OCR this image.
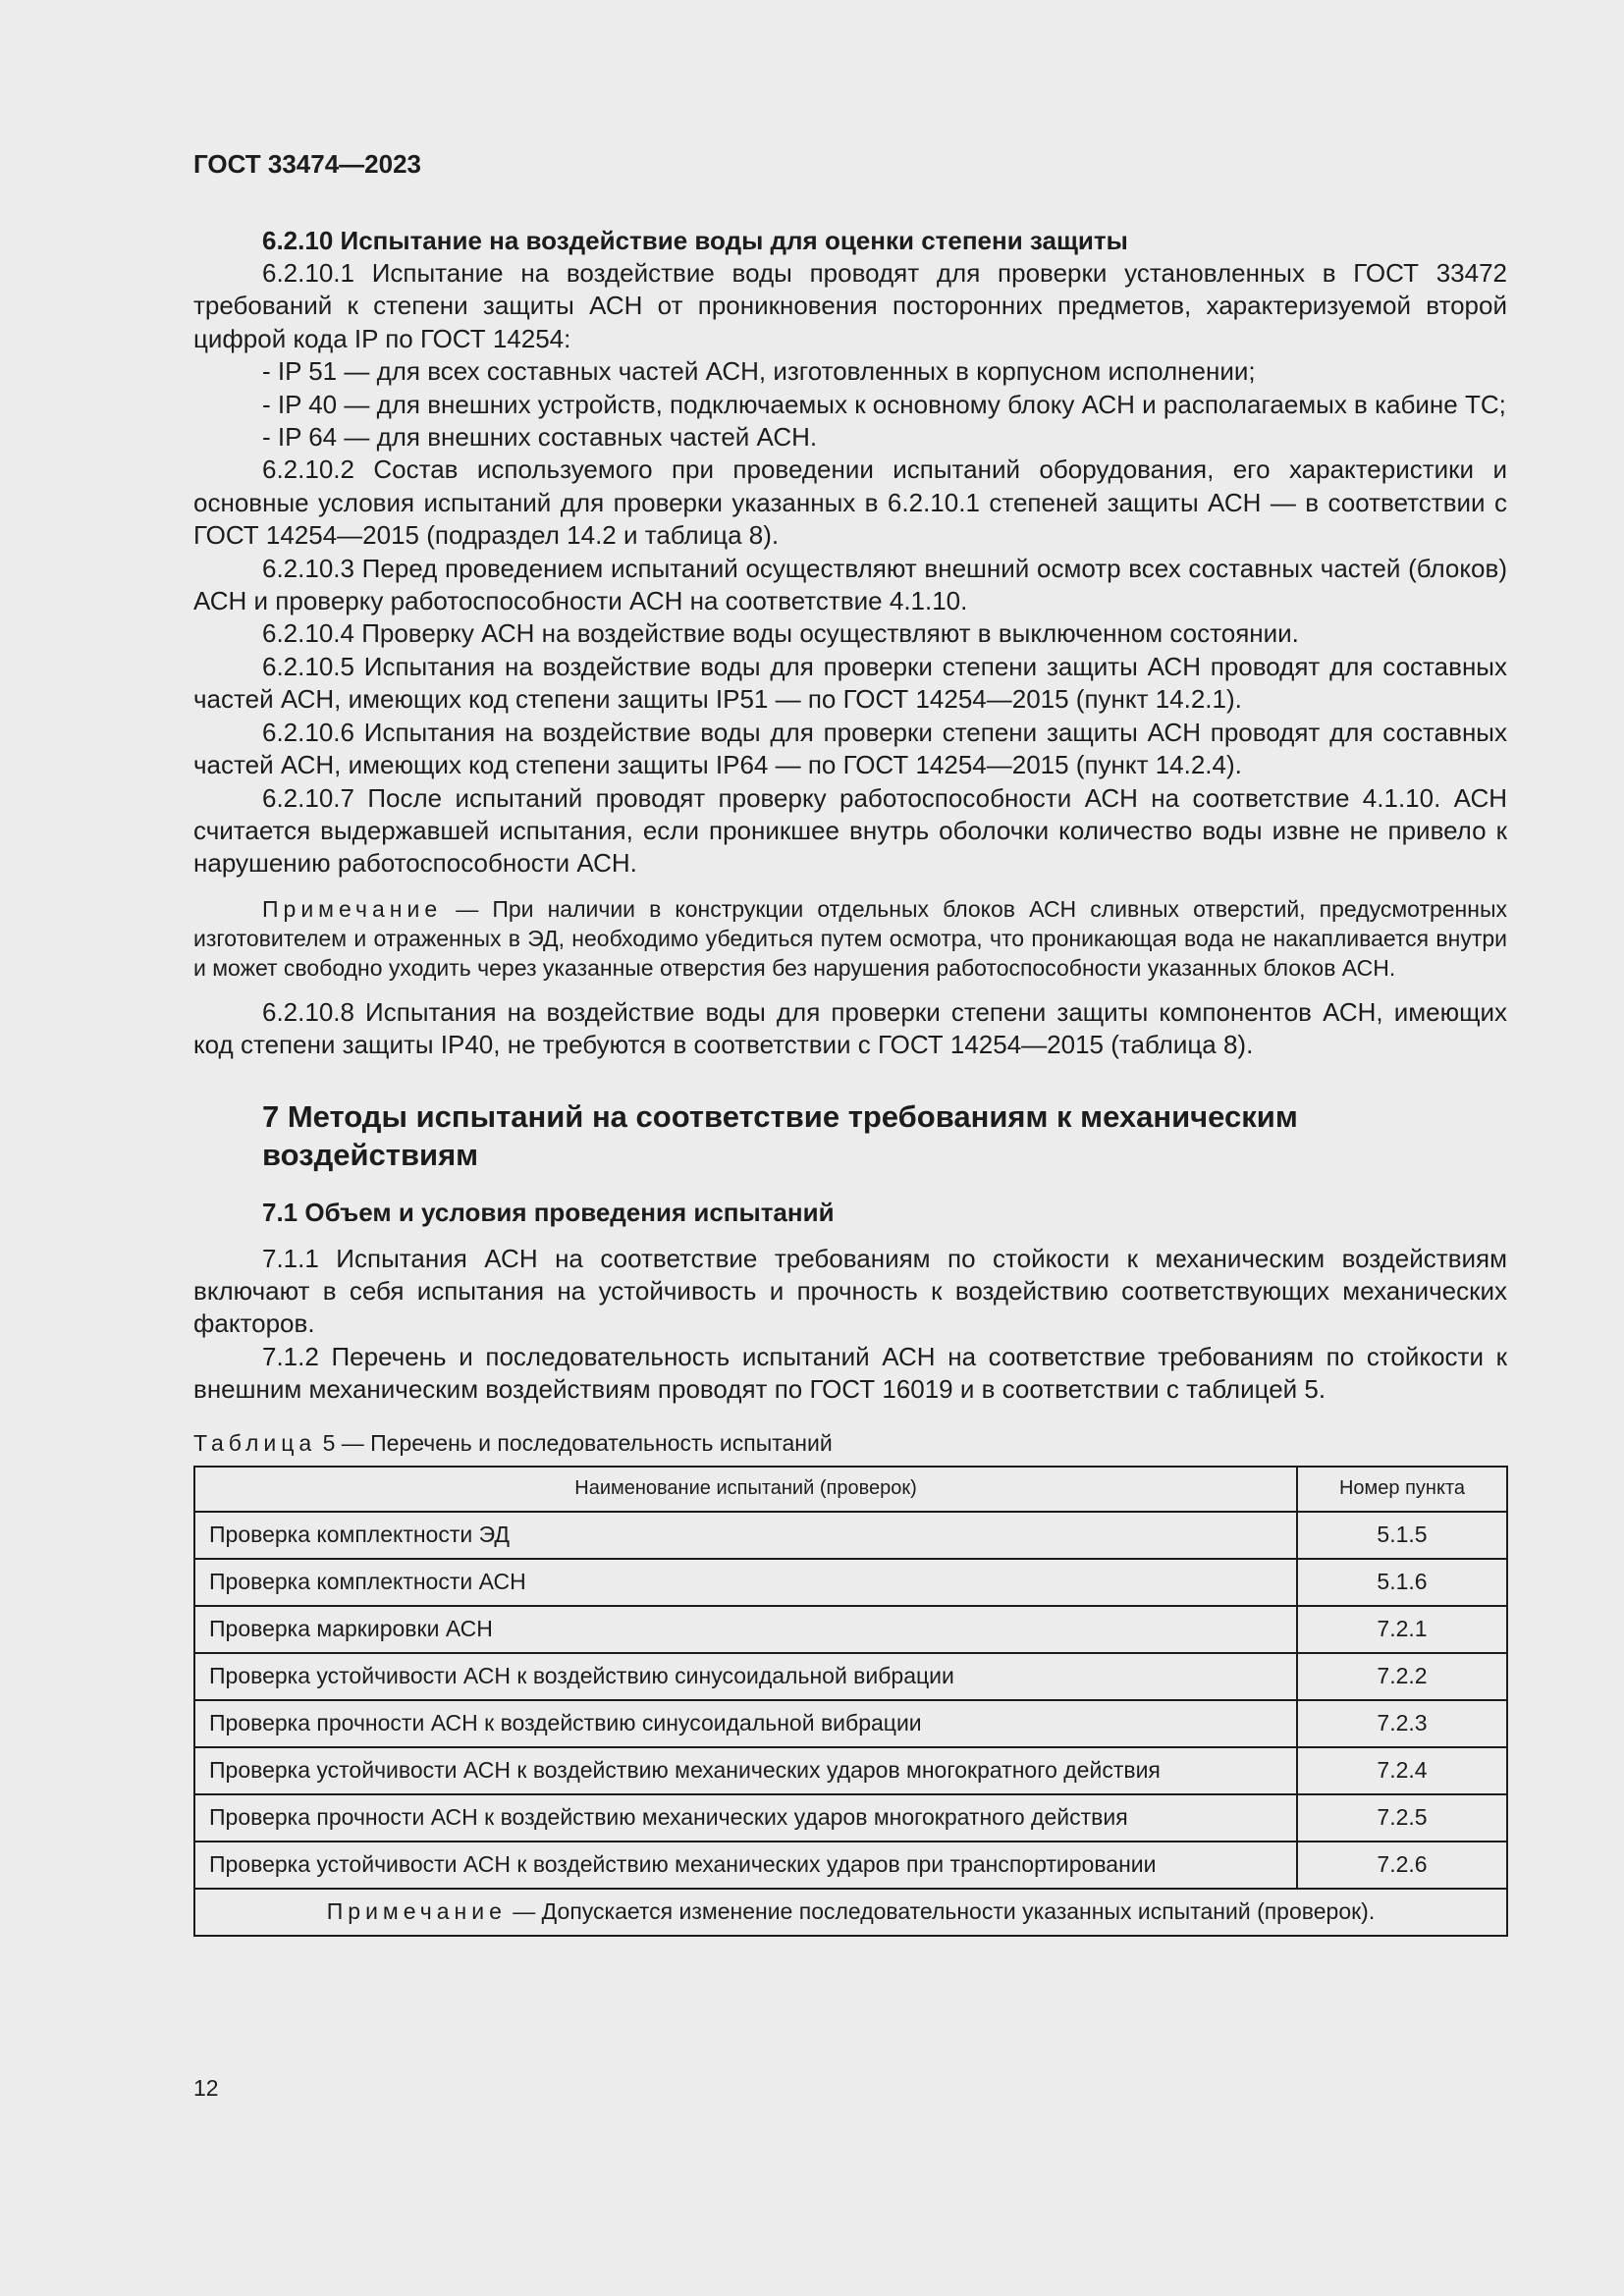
ГОСТ 33474—2023
6.2.10 Испытание на воздействие воды для оценки степени защиты

6.2.10.1 Испытание на воздействие воды проводят для проверки установленных в ГОСТ 33472 требований к степени защиты АСН от проникновения посторонних предметов, характеризуемой второй цифрой кода IP по ГОСТ 14254:

- IP 51 — для всех составных частей АСН, изготовленных в корпусном исполнении;

- IP 40 — для внешних устройств, подключаемых к основному блоку АСН и располагаемых в кабине ТС;

- IP 64 — для внешних составных частей АСН.

6.2.10.2 Состав используемого при проведении испытаний оборудования, его характеристики и основные условия испытаний для проверки указанных в 6.2.10.1 степеней защиты АСН — в соответствии с ГОСТ 14254—2015 (подраздел 14.2 и таблица 8).

6.2.10.3 Перед проведением испытаний осуществляют внешний осмотр всех составных частей (блоков) АСН и проверку работоспособности АСН на соответствие 4.1.10.

6.2.10.4 Проверку АСН на воздействие воды осуществляют в выключенном состоянии.

6.2.10.5 Испытания на воздействие воды для проверки степени защиты АСН проводят для составных частей АСН, имеющих код степени защиты IP51 — по ГОСТ 14254—2015 (пункт 14.2.1).

6.2.10.6 Испытания на воздействие воды для проверки степени защиты АСН проводят для составных частей АСН, имеющих код степени защиты IP64 — по ГОСТ 14254—2015 (пункт 14.2.4).

6.2.10.7 После испытаний проводят проверку работоспособности АСН на соответствие 4.1.10. АСН считается выдержавшей испытания, если проникшее внутрь оболочки количество воды извне не привело к нарушению работоспособности АСН.

Примечание — При наличии в конструкции отдельных блоков АСН сливных отверстий, предусмотренных изготовителем и отраженных в ЭД, необходимо убедиться путем осмотра, что проникающая вода не накапливается внутри и может свободно уходить через указанные отверстия без нарушения работоспособности указанных блоков АСН.

6.2.10.8 Испытания на воздействие воды для проверки степени защиты компонентов АСН, имеющих код степени защиты IP40, не требуются в соответствии с ГОСТ 14254—2015 (таблица 8).

7 Методы испытаний на соответствие требованиям к механическим воздействиям
7.1 Объем и условия проведения испытаний

7.1.1 Испытания АСН на соответствие требованиям по стойкости к механическим воздействиям включают в себя испытания на устойчивость и прочность к воздействию соответствующих механических факторов.

7.1.2 Перечень и последовательность испытаний АСН на соответствие требованиям по стойкости к внешним механическим воздействиям проводят по ГОСТ 16019 и в соответствии с таблицей 5.

Таблица 5 — Перечень и последовательность испытаний
Наименование испытаний (проверок)	Номер пункта
Проверка комплектности ЭД	5.1.5
Проверка комплектности АСН	5.1.6
Проверка маркировки АСН	7.2.1
Проверка устойчивости АСН к воздействию синусоидальной вибрации	7.2.2
Проверка прочности АСН к воздействию синусоидальной вибрации	7.2.3
Проверка устойчивости АСН к воздействию механических ударов многократного действия	7.2.4
Проверка прочности АСН к воздействию механических ударов многократного действия	7.2.5
Проверка устойчивости АСН к воздействию механических ударов при транспортировании	7.2.6
Примечание — Допускается изменение последовательности указанных испытаний (проверок).	
12
